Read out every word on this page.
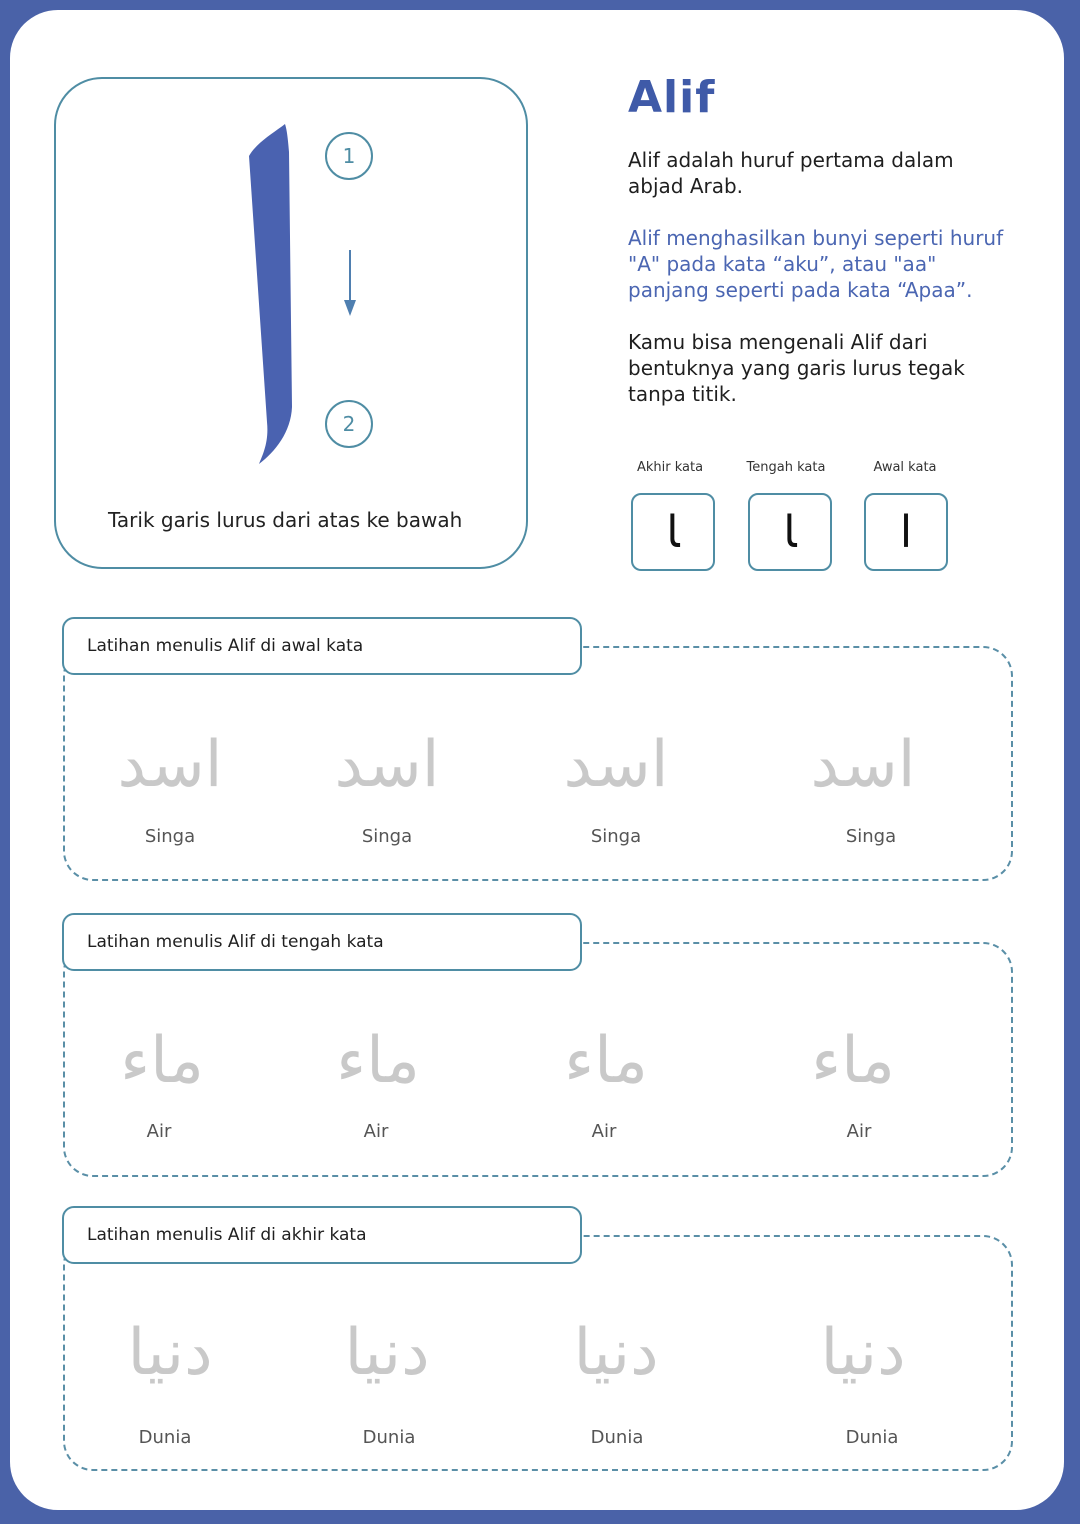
1
2
Tarik garis lurus dari atas ke bawah
Alif
Alif adalah huruf pertama dalam abjad Arab.
Alif menghasilkan bunyi seperti huruf "A" pada kata “aku”, atau "aa" panjang seperti pada kata “Apaa”.
Kamu bisa mengenali Alif dari bentuknya yang garis lurus tegak tanpa titik.
Akhir kata
ﺎ
Tengah kata
ﺎ
Awal kata
ا
Latihan menulis Alif di awal kata
اسد	اسد	اسد	اسد
Singa	Singa	Singa	Singa
Latihan menulis Alif di tengah kata
ماء	ماء	ماء	ماء
Air	Air	Air	Air
Latihan menulis Alif di akhir kata
دنيا	دنيا	دنيا	دنيا
Dunia	Dunia	Dunia	Dunia
